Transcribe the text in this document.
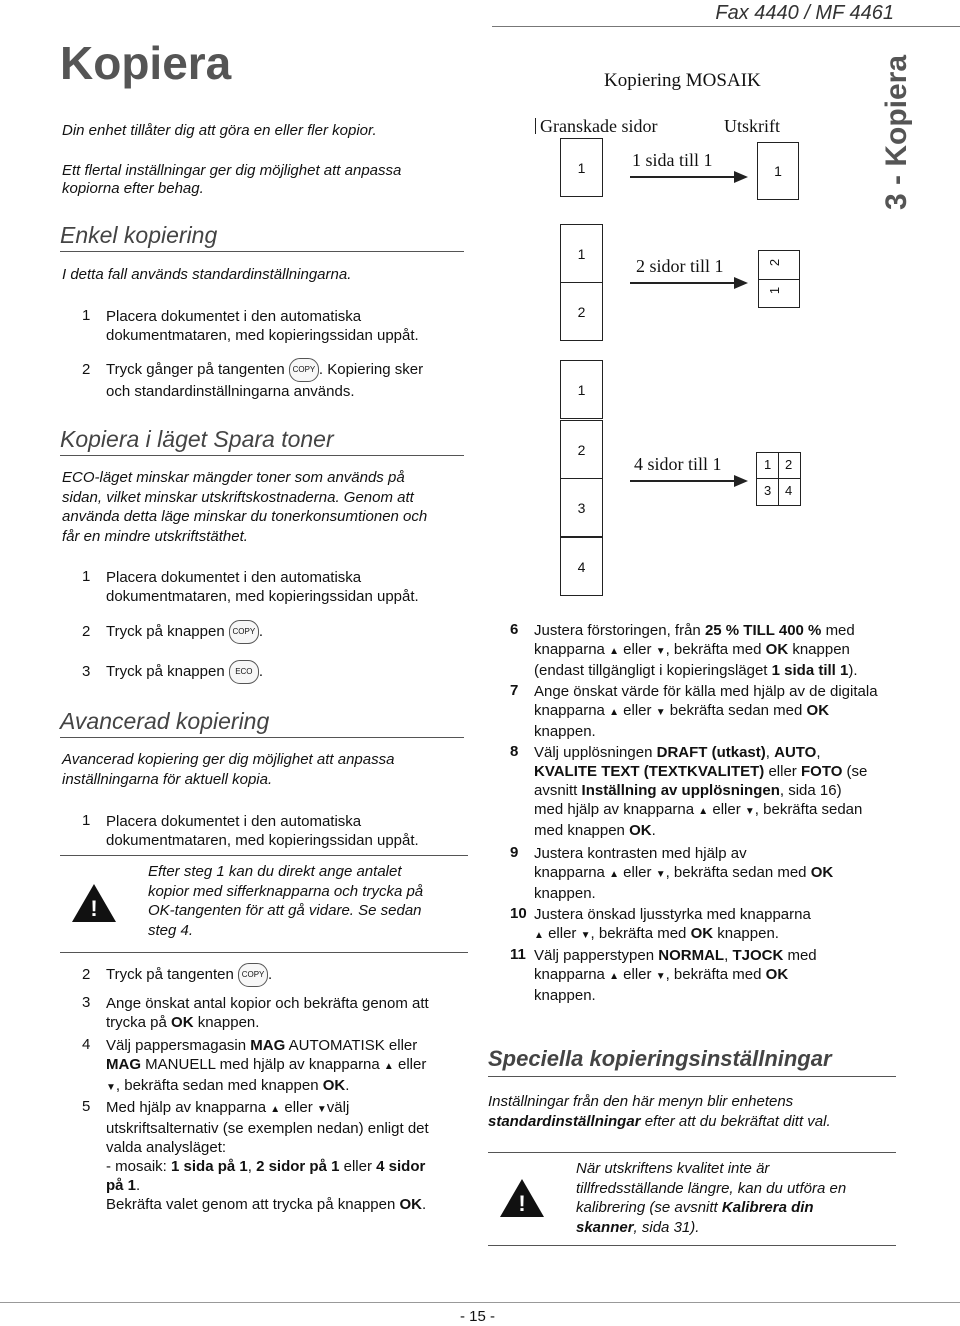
Fax 4440 / MF 4461
3 - Kopiera
Kopiera
Din enhet tillåter dig att göra en eller fler kopior.
Ett flertal inställningar ger dig möjlighet att anpassa
kopiorna efter behag.
Enkel kopiering
I detta fall används standardinställningarna.
1 Placera dokumentet i den automatiska
dokumentmataren, med kopieringssidan uppåt.
2 Tryck gånger på tangenten COPY . Kopiering sker
och standardinställningarna används.
Kopiera i läget Spara toner
ECO-läget minskar mängder toner som används på
sidan, vilket minskar utskriftskostnaderna. Genom att
använda detta läge minskar du tonerkonsumtionen och
får en mindre utskriftstäthet.
1 Placera dokumentet i den automatiska
dokumentmataren, med kopieringssidan uppåt.
2 Tryck på knappen COPY .
3 Tryck på knappen ECO .
Avancerad kopiering
Avancerad kopiering ger dig möjlighet att anpassa
inställningarna för aktuell kopia.
1 Placera dokumentet i den automatiska
dokumentmataren, med kopieringssidan uppåt.
!
Efter steg 1 kan du direkt ange antalet
kopior med sifferknapparna och trycka på
OK-tangenten för att gå vidare. Se sedan
steg 4.
2 Tryck på tangenten COPY .
3 Ange önskat antal kopior och bekräfta genom att
trycka på OK knappen.
4 Välj pappersmagasin MAG AUTOMATISK eller
MAG MANUELL med hjälp av knapparna ▲ eller
▼, bekräfta sedan med knappen OK.
5 Med hjälp av knapparna ▲ eller ▼välj
utskriftsalternativ (se exemplen nedan) enligt det
valda analysläget:
- mosaik: 1 sida på 1, 2 sidor på 1 eller 4 sidor
på 1.
Bekräfta valet genom att trycka på knappen OK.
Kopiering MOSAIK
Granskade sidor	Utskrift
1	1 sida till 1
1
1
2
2 sidor till 1	2
1
1
2
3
4
4 sidor till 1	1 2
3 4
6 Justera förstoringen, från 25 % TILL 400 % med
knapparna ▲ eller ▼, bekräfta med OK knappen
(endast tillgängligt i kopieringsläget 1 sida till 1).
7 Ange önskat värde för källa med hjälp av de digitala
knapparna ▲ eller ▼ bekräfta sedan med OK
knappen.
8 Välj upplösningen DRAFT (utkast), AUTO,
KVALITE TEXT (TEXTKVALITET) eller FOTO (se
avsnitt Inställning av upplösningen, sida 16)
med hjälp av knapparna ▲ eller ▼, bekräfta sedan
med knappen OK.
9 Justera kontrasten med hjälp av
knapparna ▲ eller ▼, bekräfta sedan med OK
knappen.
10 Justera önskad ljusstyrka med knapparna
▲ eller ▼, bekräfta med OK knappen.
11 Välj papperstypen NORMAL, TJOCK med
knapparna ▲ eller ▼, bekräfta med OK
knappen.
Speciella kopieringsinställningar
Inställningar från den här menyn blir enhetens
standardinställningar efter att du bekräftat ditt val.
!
När utskriftens kvalitet inte är
tillfredsställande längre, kan du utföra en
kalibrering (se avsnitt Kalibrera din
skanner, sida 31).
- 15 -
